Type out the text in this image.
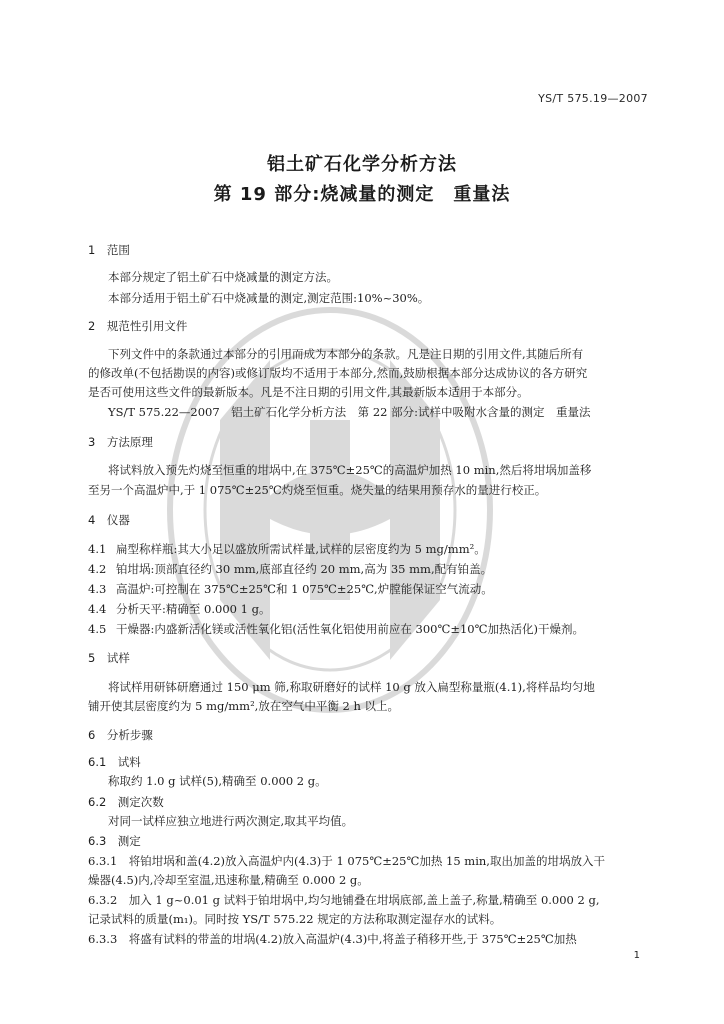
YS/T 575.19—2007
铝土矿石化学分析方法
第 19 部分:烧减量的测定　重量法
1　范围
本部分规定了铝土矿石中烧减量的测定方法。
本部分适用于铝土矿石中烧减量的测定,测定范围:10%~30%。
2　规范性引用文件
下列文件中的条款通过本部分的引用而成为本部分的条款。凡是注日期的引用文件,其随后所有
的修改单(不包括勘误的内容)或修订版均不适用于本部分,然而,鼓励根据本部分达成协议的各方研究
是否可使用这些文件的最新版本。凡是不注日期的引用文件,其最新版本适用于本部分。
YS/T 575.22—2007　铝土矿石化学分析方法　第 22 部分:试样中吸附水含量的测定　重量法
3　方法原理
将试料放入预先灼烧至恒重的坩埚中,在 375℃±25℃的高温炉加热 10 min,然后将坩埚加盖移
至另一个高温炉中,于 1 075℃±25℃灼烧至恒重。烧失量的结果用预存水的量进行校正。
4　仪器
4.1 扁型称样瓶:其大小足以盛放所需试样量,试样的层密度约为 5 mg/mm²。
4.2 铂坩埚:顶部直径约 30 mm,底部直径约 20 mm,高为 35 mm,配有铂盖。
4.3 高温炉:可控制在 375℃±25℃和 1 075℃±25℃,炉膛能保证空气流动。
4.4 分析天平:精确至 0.000 1 g。
4.5 干燥器:内盛新活化镁或活性氧化铝(活性氧化铝使用前应在 300℃±10℃加热活化)干燥剂。
5　试样
将试样用研钵研磨通过 150 μm 筛,称取研磨好的试样 10 g 放入扁型称量瓶(4.1),将样品均匀地
铺开使其层密度约为 5 mg/mm²,放在空气中平衡 2 h 以上。
6　分析步骤
6.1　试料
称取约 1.0 g 试样(5),精确至 0.000 2 g。
6.2　测定次数
对同一试样应独立地进行两次测定,取其平均值。
6.3　测定
6.3.1　将铂坩埚和盖(4.2)放入高温炉内(4.3)于 1 075℃±25℃加热 15 min,取出加盖的坩埚放入干
燥器(4.5)内,冷却至室温,迅速称量,精确至 0.000 2 g。
6.3.2　加入 1 g~0.01 g 试料于铂坩埚中,均匀地铺叠在坩埚底部,盖上盖子,称量,精确至 0.000 2 g,
记录试料的质量(m₁)。同时按 YS/T 575.22 规定的方法称取测定湿存水的试料。
6.3.3　将盛有试料的带盖的坩埚(4.2)放入高温炉(4.3)中,将盖子稍移开些,于 375℃±25℃加热
1
